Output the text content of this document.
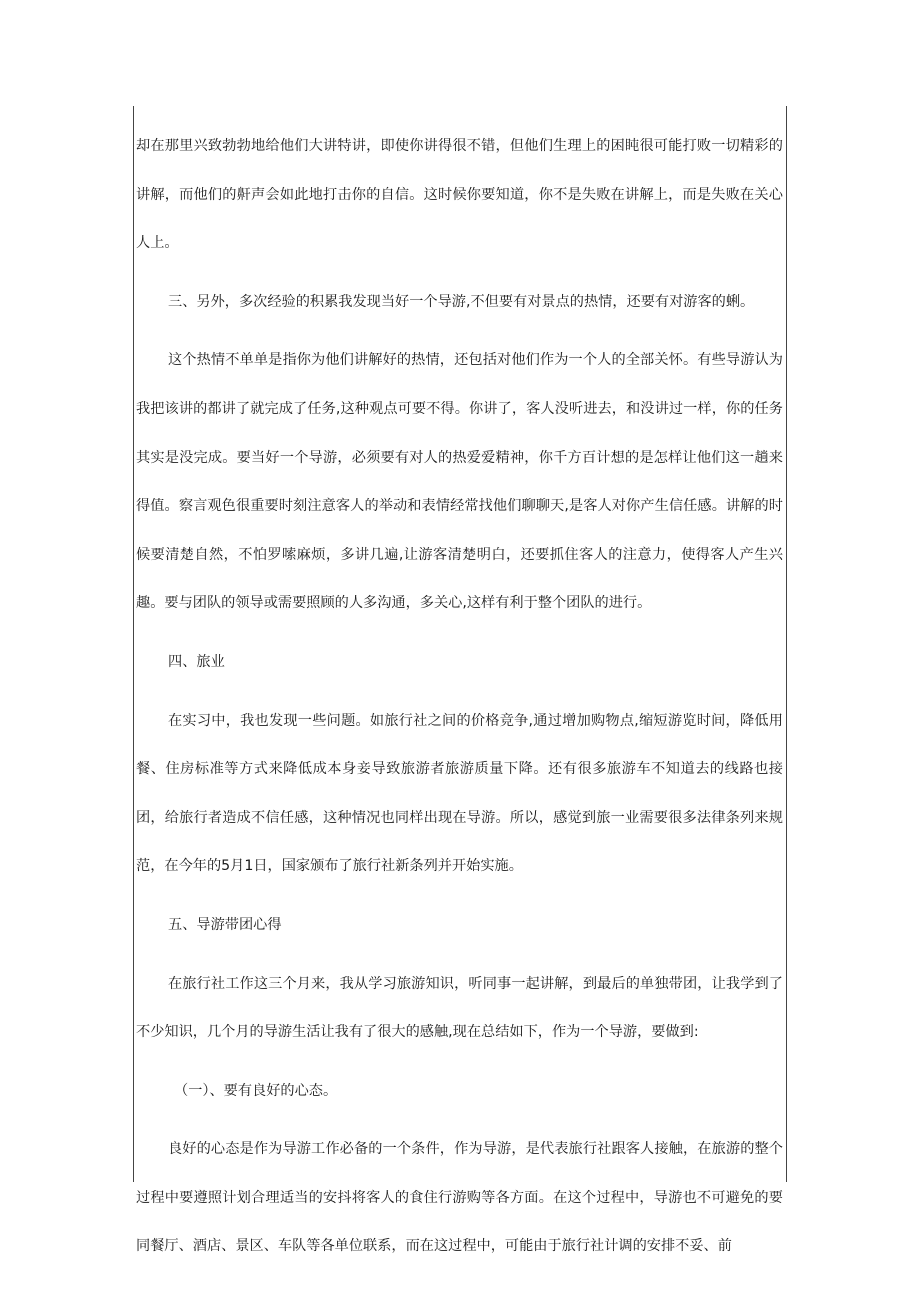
却在那里兴致勃勃地给他们大讲特讲，即使你讲得很不错，但他们生理上的困盹很可能打败一切精彩的讲解，而他们的鼾声会如此地打击你的自信。这时候你要知道，你不是失败在讲解上，而是失败在关心人上。

三、另外，多次经验的积累我发现当好一个导游,不但要有对景点的热情，还要有对游客的蜊。

这个热情不单单是指你为他们讲解好的热情，还包括对他们作为一个人的全部关怀。有些导游认为我把该讲的都讲了就完成了任务,这种观点可要不得。你讲了，客人没听进去，和没讲过一样，你的任务其实是没完成。要当好一个导游，必须要有对人的热爱爱精神，你千方百计想的是怎样让他们这一趟来得值。察言观色很重要时刻注意客人的举动和表情经常找他们聊聊天,是客人对你产生信任感。讲解的时候要清楚自然，不怕罗嗦麻烦，多讲几遍,让游客清楚明白，还要抓住客人的注意力，使得客人产生兴趣。要与团队的领导或需要照顾的人多沟通，多关心,这样有利于整个团队的进行。

四、旅业

在实习中，我也发现一些问题。如旅行社之间的价格竞争,通过增加购物点,缩短游览时间，降低用餐、住房标准等方式来降低成本身妾导致旅游者旅游质量下降。还有很多旅游车不知道去的线路也接团，给旅行者造成不信任感，这种情况也同样出现在导游。所以，感觉到旅一业需要很多法律条列来规范，在今年的5月1日，国家颁布了旅行社新条列并开始实施。

五、导游带团心得

在旅行社工作这三个月来，我从学习旅游知识，听同事一起讲解，到最后的单独带团，让我学到了不少知识，几个月的导游生活让我有了很大的感触,现在总结如下，作为一个导游，要做到:

（一）、要有良好的心态。

良好的心态是作为导游工作必备的一个条件，作为导游，是代表旅行社跟客人接触，在旅游的整个过程中要遵照计划合理适当的安抖将客人的食住行游购等各方面。在这个过程中，导游也不可避免的要同餐厅、酒店、景区、车队等各单位联系，而在这过程中，可能由于旅行社计调的安排不妥、前
